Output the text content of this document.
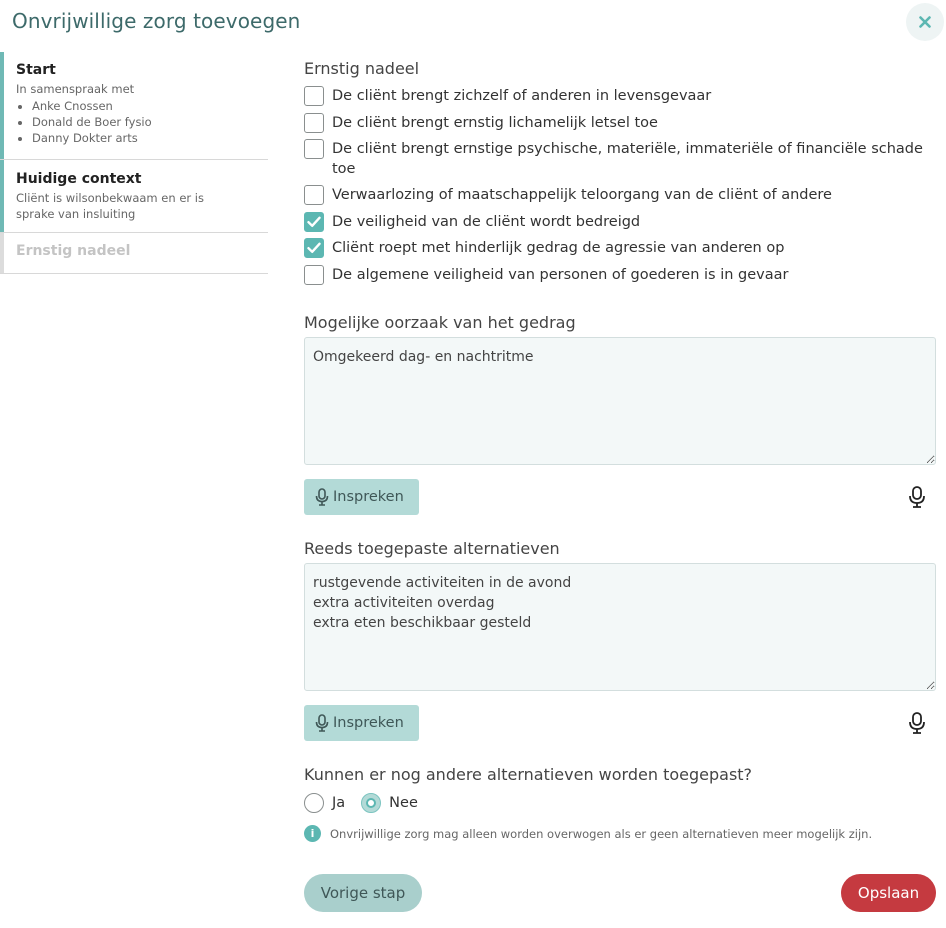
Onvrijwillige zorg toevoegen
Start
In samenspraak met
• Anke Cnossen
• Donald de Boer fysio
• Danny Dokter arts
Huidige context
Cliënt is wilsonbekwaam en er is sprake van insluiting
Ernstig nadeel
Ernstig nadeel
De cliënt brengt zichzelf of anderen in levensgevaar
De cliënt brengt ernstig lichamelijk letsel toe
De cliënt brengt ernstige psychische, materiële, immateriële of financiële schade toe
Verwaarlozing of maatschappelijk teloorgang van de cliënt of andere
De veiligheid van de cliënt wordt bedreigd
Cliënt roept met hinderlijk gedrag de agressie van anderen op
De algemene veiligheid van personen of goederen is in gevaar
Mogelijke oorzaak van het gedrag
Omgekeerd dag- en nachtritme
Inspreken
Reeds toegepaste alternatieven
rustgevende activiteiten in de avond extra activiteiten overdag extra eten beschikbaar gesteld
Inspreken
Kunnen er nog andere alternatieven worden toegepast?
Ja	Nee
i	Onvrijwillige zorg mag alleen worden overwogen als er geen alternatieven meer mogelijk zijn.
Vorige stap	Opslaan
